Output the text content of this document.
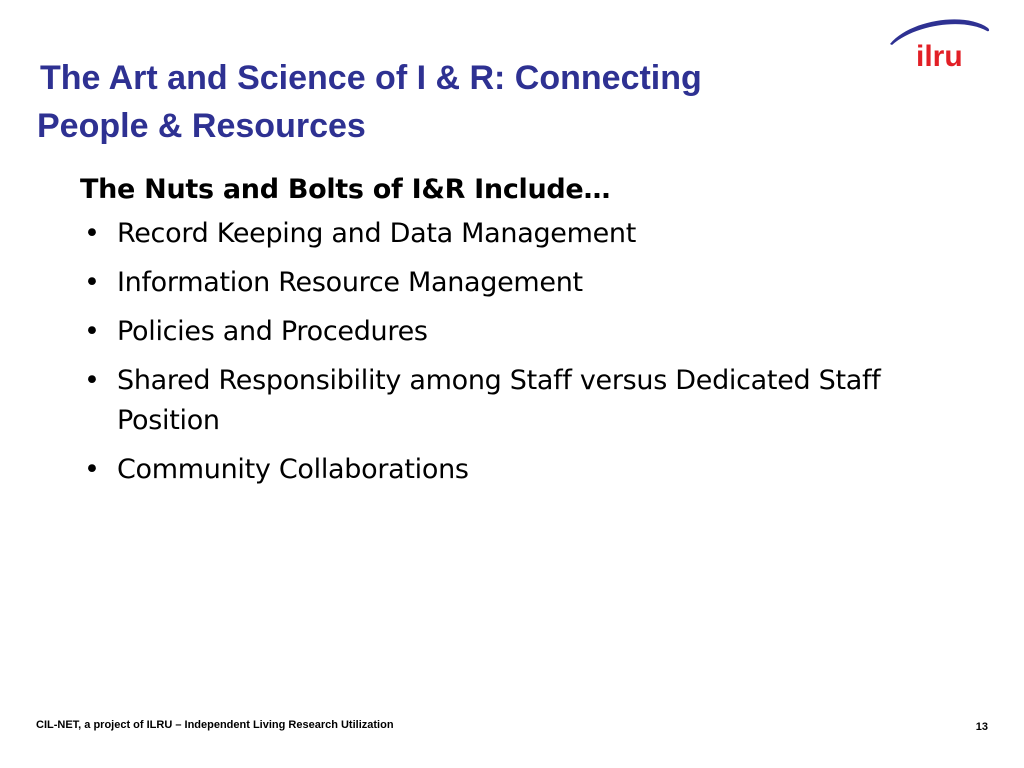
The Art and Science of I & R: Connecting
People & Resources
ilru

The Nuts and Bolts of I&R Include…

• Record Keeping and Data Management
• Information Resource Management
• Policies and Procedures
• Shared Responsibility among Staff versus Dedicated Staff Position
• Community Collaborations
CIL-NET, a project of ILRU – Independent Living Research Utilization	13
